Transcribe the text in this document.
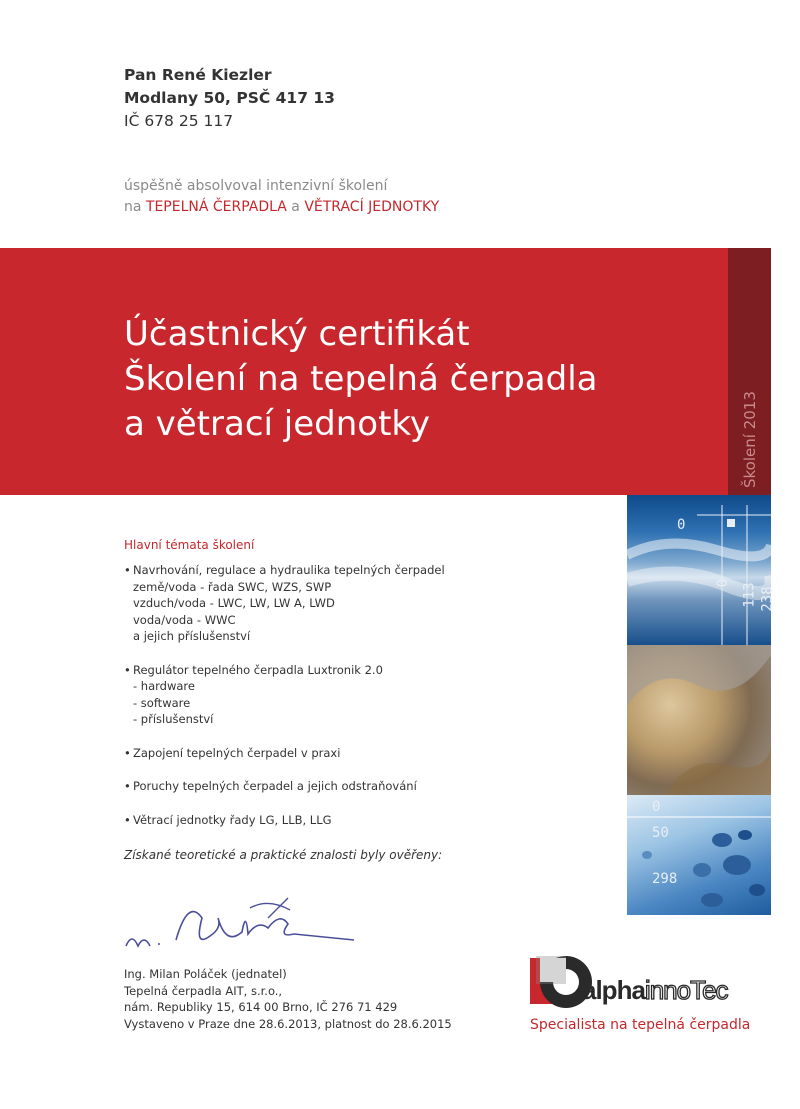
Pan René Kiezler
Modlany 50, PSČ 417 13
IČ 678 25 117
úspěšně absolvoval intenzivní školení
na TEPELNÁ ČERPADLA a VĚTRACÍ JEDNOTKY
Školení 2013
Účastnický certifikát
Školení na tepelná čerpadla
a větrací jednotky
0
0 113 238
0
50
298
Hlavní témata školení
• Navrhování, regulace a hydraulika tepelných čerpadel
země/voda - řada SWC, WZS, SWP
vzduch/voda - LWC, LW, LW A, LWD
voda/voda - WWC
a jejich příslušenství
• Regulátor tepelného čerpadla Luxtronik 2.0
- hardware
- software
- příslušenství
• Zapojení tepelných čerpadel v praxi
• Poruchy tepelných čerpadel a jejich odstraňování
• Větrací jednotky řady LG, LLB, LLG
Získané teoretické a praktické znalosti byly ověřeny:
Ing. Milan Poláček (jednatel)
Tepelná čerpadla AIT, s.r.o.,
nám. Republiky 15, 614 00 Brno, IČ 276 71 429
Vystaveno v Praze dne 28.6.2013, platnost do 28.6.2015
alphainnoTec
Specialista na tepelná čerpadla
